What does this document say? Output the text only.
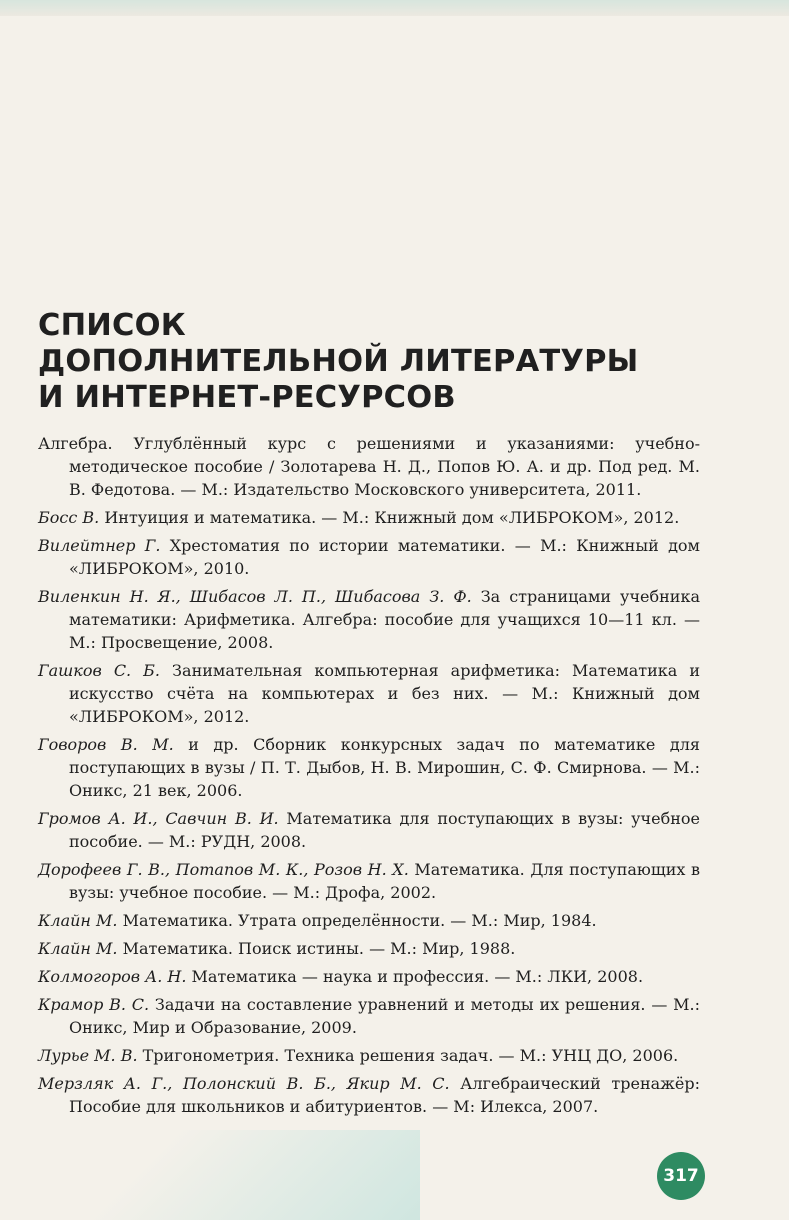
СПИСОК
ДОПОЛНИТЕЛЬНОЙ ЛИТЕРАТУРЫ
И ИНТЕРНЕТ-РЕСУРСОВ
Алгебра. Углублённый курс с решениями и указаниями: учебно-методическое пособие / Золотарева Н. Д., Попов Ю. А. и др. Под ред. М. В. Федотова. — М.: Издательство Московского университета, 2011.
Босс В. Интуиция и математика. — М.: Книжный дом «ЛИБРОКОМ», 2012.
Вилейтнер Г. Хрестоматия по истории математики. — М.: Книжный дом «ЛИБРОКОМ», 2010.
Виленкин Н. Я., Шибасов Л. П., Шибасова З. Ф. За страницами учебника математики: Арифметика. Алгебра: пособие для учащихся 10—11 кл. — М.: Просвещение, 2008.
Гашков С. Б. Занимательная компьютерная арифметика: Математика и искусство счёта на компьютерах и без них. — М.: Книжный дом «ЛИБРОКОМ», 2012.
Говоров В. М. и др. Сборник конкурсных задач по математике для поступающих в вузы / П. Т. Дыбов, Н. В. Мирошин, С. Ф. Смирнова. — М.: Оникс, 21 век, 2006.
Громов А. И., Савчин В. И. Математика для поступающих в вузы: учебное пособие. — М.: РУДН, 2008.
Дорофеев Г. В., Потапов М. К., Розов Н. Х. Математика. Для поступающих в вузы: учебное пособие. — М.: Дрофа, 2002.
Клайн М. Математика. Утрата определённости. — М.: Мир, 1984.
Клайн М. Математика. Поиск истины. — М.: Мир, 1988.
Колмогоров А. Н. Математика — наука и профессия. — М.: ЛКИ, 2008.
Крамор В. С. Задачи на составление уравнений и методы их решения. — М.: Оникс, Мир и Образование, 2009.
Лурье М. В. Тригонометрия. Техника решения задач. — М.: УНЦ ДО, 2006.
Мерзляк А. Г., Полонский В. Б., Якир М. С. Алгебраический тренажёр: Пособие для школьников и абитуриентов. — М: Илекса, 2007.
317
